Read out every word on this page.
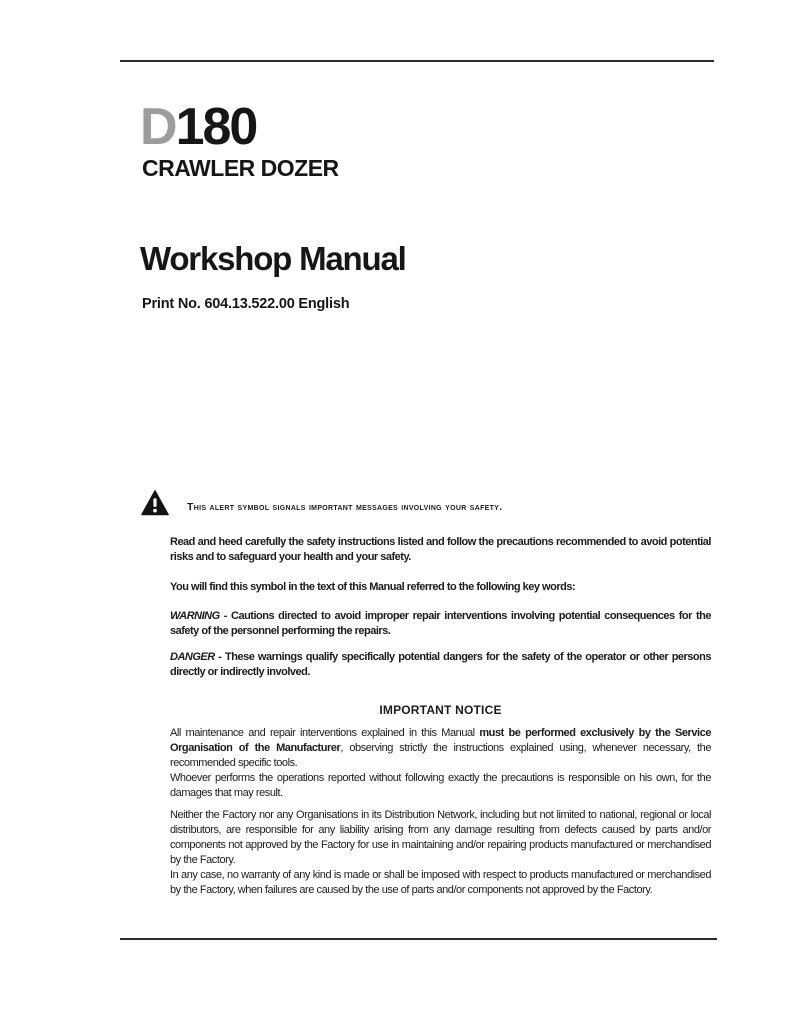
D180
CRAWLER DOZER
Workshop Manual
Print No. 604.13.522.00 English
This alert symbol signals important messages involving your safety.

Read and heed carefully the safety instructions listed and follow the precautions recommended to avoid potential risks and to safeguard your health and your safety.

You will find this symbol in the text of this Manual referred to the following key words:

WARNING - Cautions directed to avoid improper repair interventions involving potential consequences for the safety of the personnel performing the repairs.

DANGER - These warnings qualify specifically potential dangers for the safety of the operator or other persons directly or indirectly involved.

IMPORTANT NOTICE
All maintenance and repair interventions explained in this Manual must be performed exclusively by the Service Organisation of the Manufacturer, observing strictly the instructions explained using, whenever necessary, the recommended specific tools.
Whoever performs the operations reported without following exactly the precautions is responsible on his own, for the damages that may result.
Neither the Factory nor any Organisations in its Distribution Network, including but not limited to national, regional or local distributors, are responsible for any liability arising from any damage resulting from defects caused by parts and/or components not approved by the Factory for use in maintaining and/or repairing products manufactured or merchandised by the Factory.
In any case, no warranty of any kind is made or shall be imposed with respect to products manufactured or merchandised by the Factory, when failures are caused by the use of parts and/or components not approved by the Factory.
